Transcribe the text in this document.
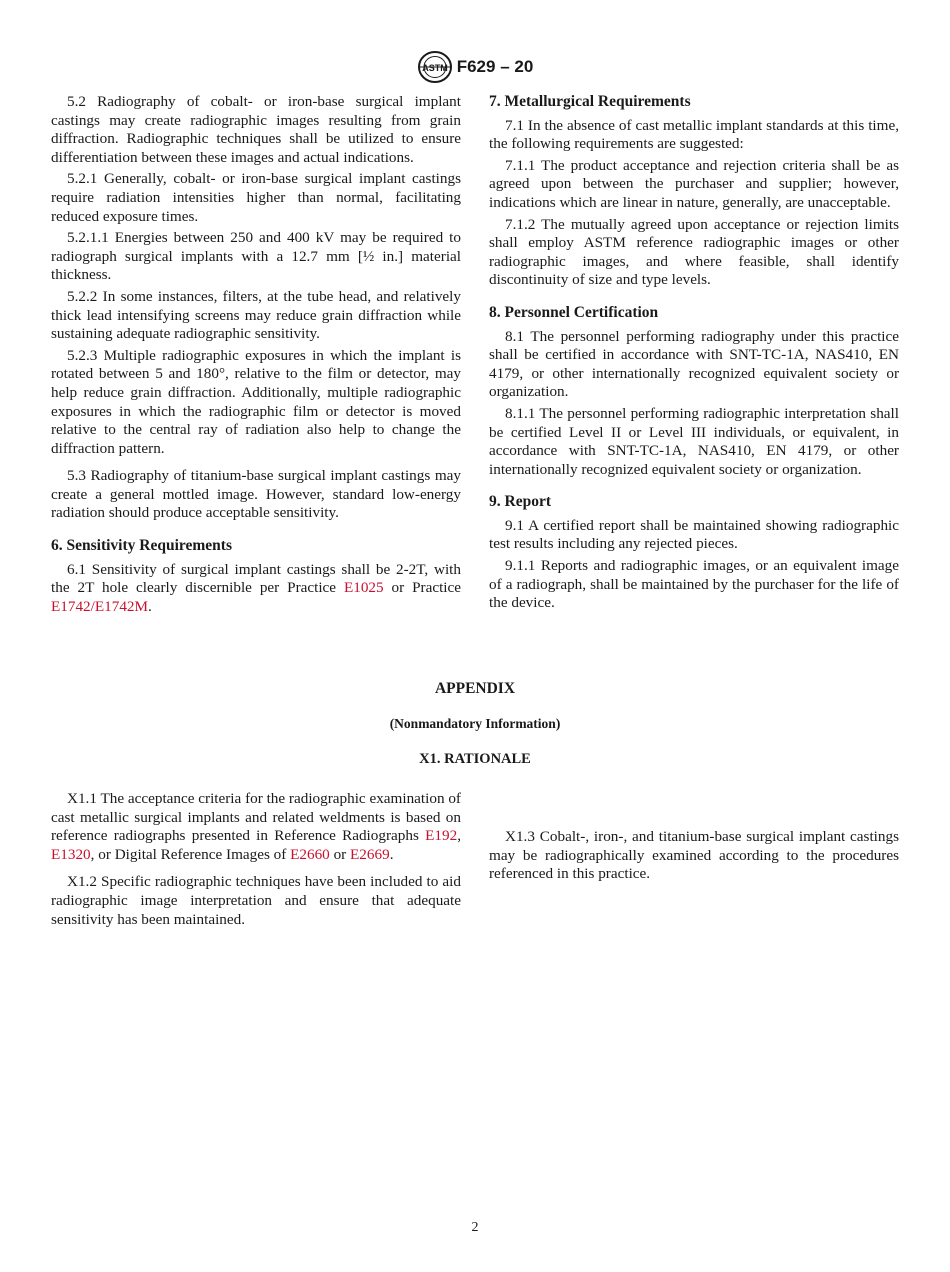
ASTM F629 – 20

5.2 Radiography of cobalt- or iron-base surgical implant castings may create radiographic images resulting from grain diffraction. Radiographic techniques shall be utilized to ensure differentiation between these images and actual indications.

5.2.1 Generally, cobalt- or iron-base surgical implant castings require radiation intensities higher than normal, facilitating reduced exposure times.

5.2.1.1 Energies between 250 and 400 kV may be required to radiograph surgical implants with a 12.7 mm [½ in.] material thickness.

5.2.2 In some instances, filters, at the tube head, and relatively thick lead intensifying screens may reduce grain diffraction while sustaining adequate radiographic sensitivity.

5.2.3 Multiple radiographic exposures in which the implant is rotated between 5 and 180°, relative to the film or detector, may help reduce grain diffraction. Additionally, multiple radiographic exposures in which the radiographic film or detector is moved relative to the central ray of radiation also help to change the diffraction pattern.

5.3 Radiography of titanium-base surgical implant castings may create a general mottled image. However, standard low-energy radiation should produce acceptable sensitivity.

6. Sensitivity Requirements

6.1 Sensitivity of surgical implant castings shall be 2-2T, with the 2T hole clearly discernible per Practice E1025 or Practice E1742/E1742M.

7. Metallurgical Requirements

7.1 In the absence of cast metallic implant standards at this time, the following requirements are suggested:

7.1.1 The product acceptance and rejection criteria shall be as agreed upon between the purchaser and supplier; however, indications which are linear in nature, generally, are unacceptable.

7.1.2 The mutually agreed upon acceptance or rejection limits shall employ ASTM reference radiographic images or other radiographic images, and where feasible, shall identify discontinuity of size and type levels.

8. Personnel Certification

8.1 The personnel performing radiography under this practice shall be certified in accordance with SNT-TC-1A, NAS410, EN 4179, or other internationally recognized equivalent society or organization.

8.1.1 The personnel performing radiographic interpretation shall be certified Level II or Level III individuals, or equivalent, in accordance with SNT-TC-1A, NAS410, EN 4179, or other internationally recognized equivalent society or organization.

9. Report

9.1 A certified report shall be maintained showing radiographic test results including any rejected pieces.

9.1.1 Reports and radiographic images, or an equivalent image of a radiograph, shall be maintained by the purchaser for the life of the device.

APPENDIX
(Nonmandatory Information)
X1. RATIONALE

X1.1 The acceptance criteria for the radiographic examination of cast metallic surgical implants and related weldments is based on reference radiographs presented in Reference Radiographs E192, E1320, or Digital Reference Images of E2660 or E2669.

X1.2 Specific radiographic techniques have been included to aid radiographic image interpretation and ensure that adequate sensitivity has been maintained.

X1.3 Cobalt-, iron-, and titanium-base surgical implant castings may be radiographically examined according to the procedures referenced in this practice.

2
